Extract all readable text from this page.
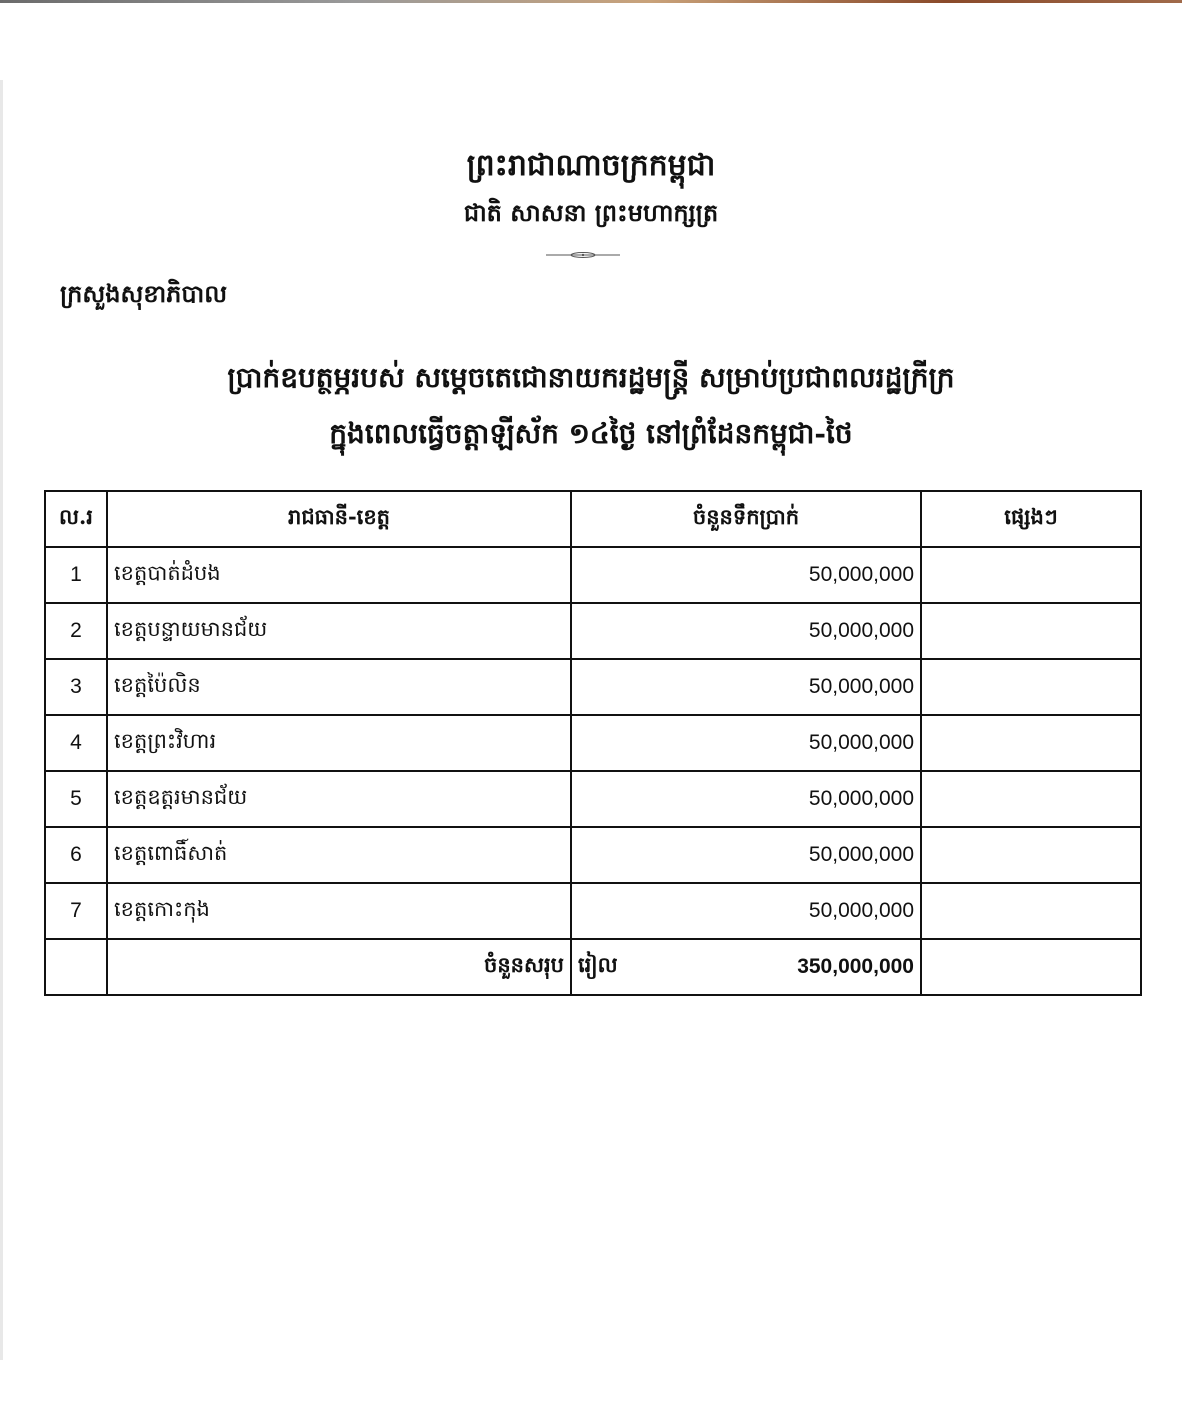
ព្រះរាជាណាចក្រកម្ពុជា
ជាតិ សាសនា ព្រះមហាក្សត្រ
ក្រសួងសុខាភិបាល
ប្រាក់ឧបត្ថម្ភរបស់ សម្តេចតេជោនាយករដ្ឋមន្ត្រី សម្រាប់ប្រជាពលរដ្ឋក្រីក្រ
ក្នុងពេលធ្វើចត្តាឡីស័ក ១៤ថ្ងៃ នៅព្រំដែនកម្ពុជា-ថៃ
ល.រ	រាជធានី-ខេត្ត	ចំនួនទឹកប្រាក់	ផ្សេងៗ
1	ខេត្តបាត់ដំបង	50,000,000	
2	ខេត្តបន្ទាយមានជ័យ	50,000,000	
3	ខេត្តប៉ៃលិន	50,000,000	
4	ខេត្តព្រះវិហារ	50,000,000	
5	ខេត្តឧត្តរមានជ័យ	50,000,000	
6	ខេត្តពោធិ៍សាត់	50,000,000	
7	ខេត្តកោះកុង	50,000,000	
	ចំនួនសរុប	រៀល 350,000,000	
